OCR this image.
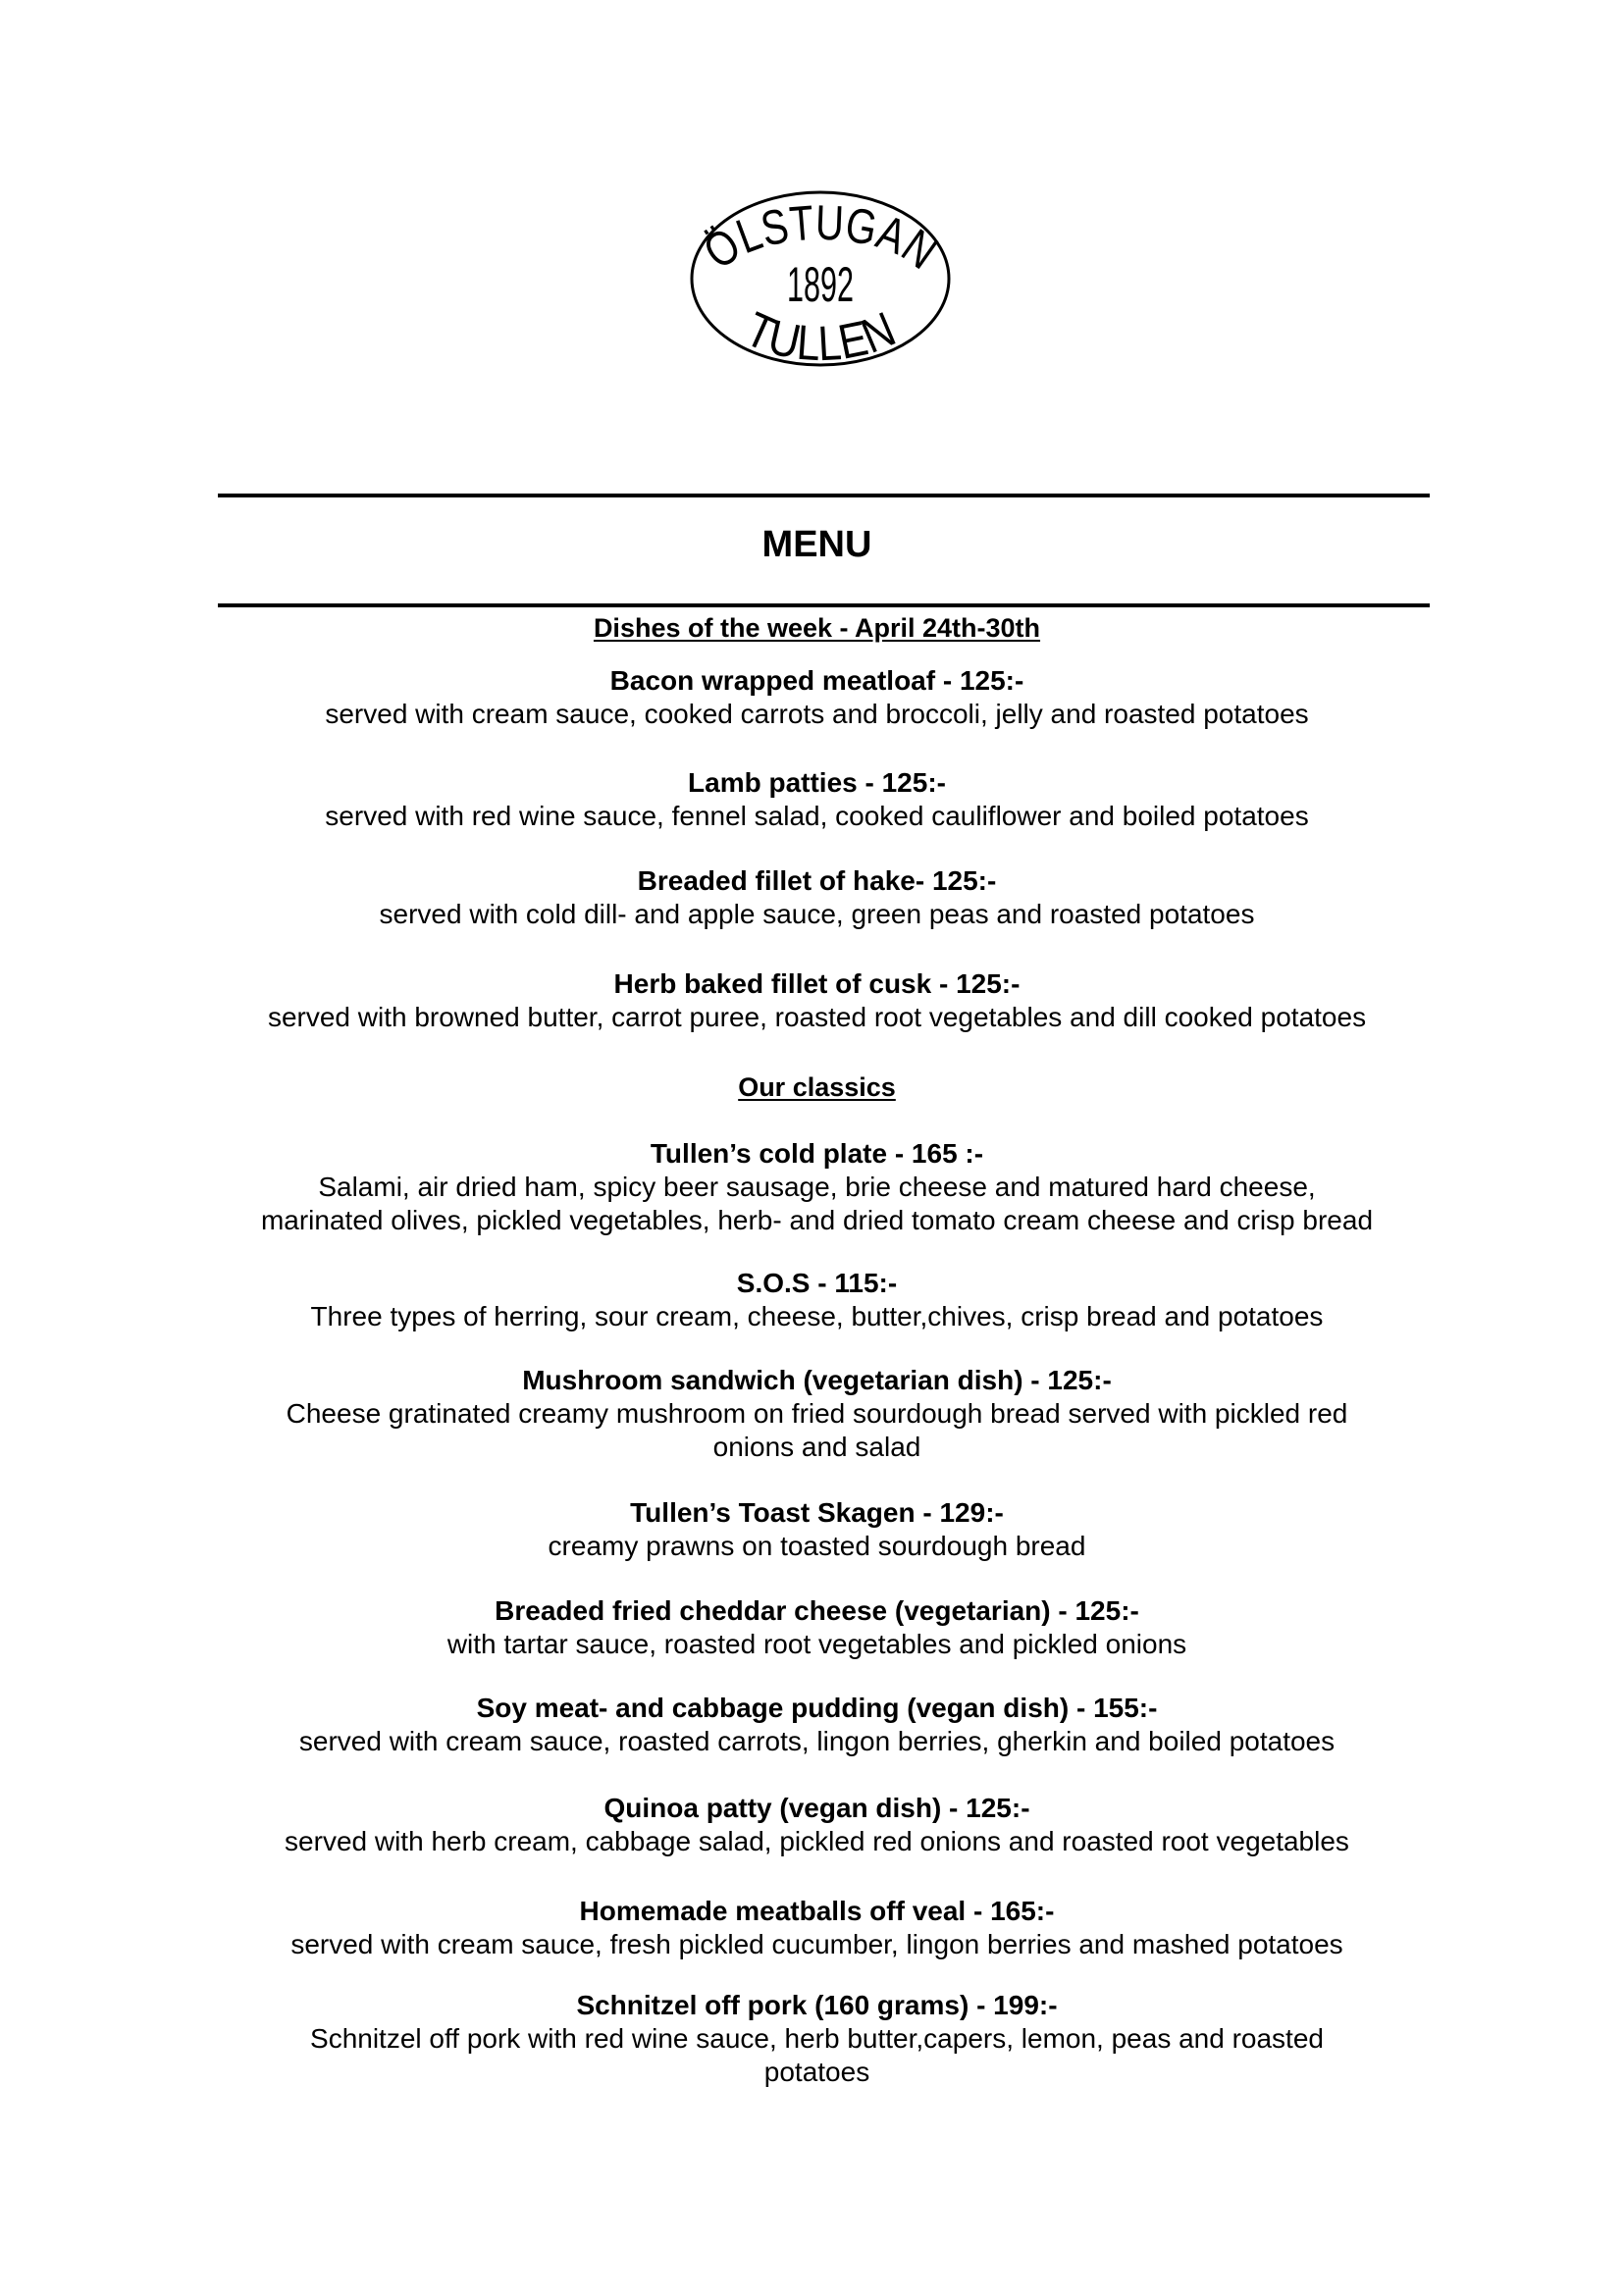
ÖLSTUGAN
1892
TULLEN
MENU
Dishes of the week - April 24th-30th
Bacon wrapped meatloaf - 125:-
served with cream sauce, cooked carrots and broccoli, jelly and roasted potatoes
Lamb patties - 125:-
served with red wine sauce, fennel salad, cooked cauliflower and boiled potatoes
Breaded fillet of hake- 125:-
served with cold dill- and apple sauce, green peas and roasted potatoes
Herb baked fillet of cusk - 125:-
served with browned butter, carrot puree, roasted root vegetables and dill cooked potatoes
Our classics
Tullen’s cold plate - 165 :-
Salami, air dried ham, spicy beer sausage, brie cheese and matured hard cheese,
marinated olives, pickled vegetables, herb- and dried tomato cream cheese and crisp bread
S.O.S - 115:-
Three types of herring, sour cream, cheese, butter,chives, crisp bread and potatoes
Mushroom sandwich (vegetarian dish) - 125:-
Cheese gratinated creamy mushroom on fried sourdough bread served with pickled red
onions and salad
Tullen’s Toast Skagen - 129:-
creamy prawns on toasted sourdough bread
Breaded fried cheddar cheese (vegetarian) - 125:-
with tartar sauce, roasted root vegetables and pickled onions
Soy meat- and cabbage pudding (vegan dish) - 155:-
served with cream sauce, roasted carrots, lingon berries, gherkin and boiled potatoes
Quinoa patty (vegan dish) - 125:-
served with herb cream, cabbage salad, pickled red onions and roasted root vegetables
Homemade meatballs off veal - 165:-
served with cream sauce, fresh pickled cucumber, lingon berries and mashed potatoes
Schnitzel off pork (160 grams) - 199:-
Schnitzel off pork with red wine sauce, herb butter,capers, lemon, peas and roasted
potatoes
